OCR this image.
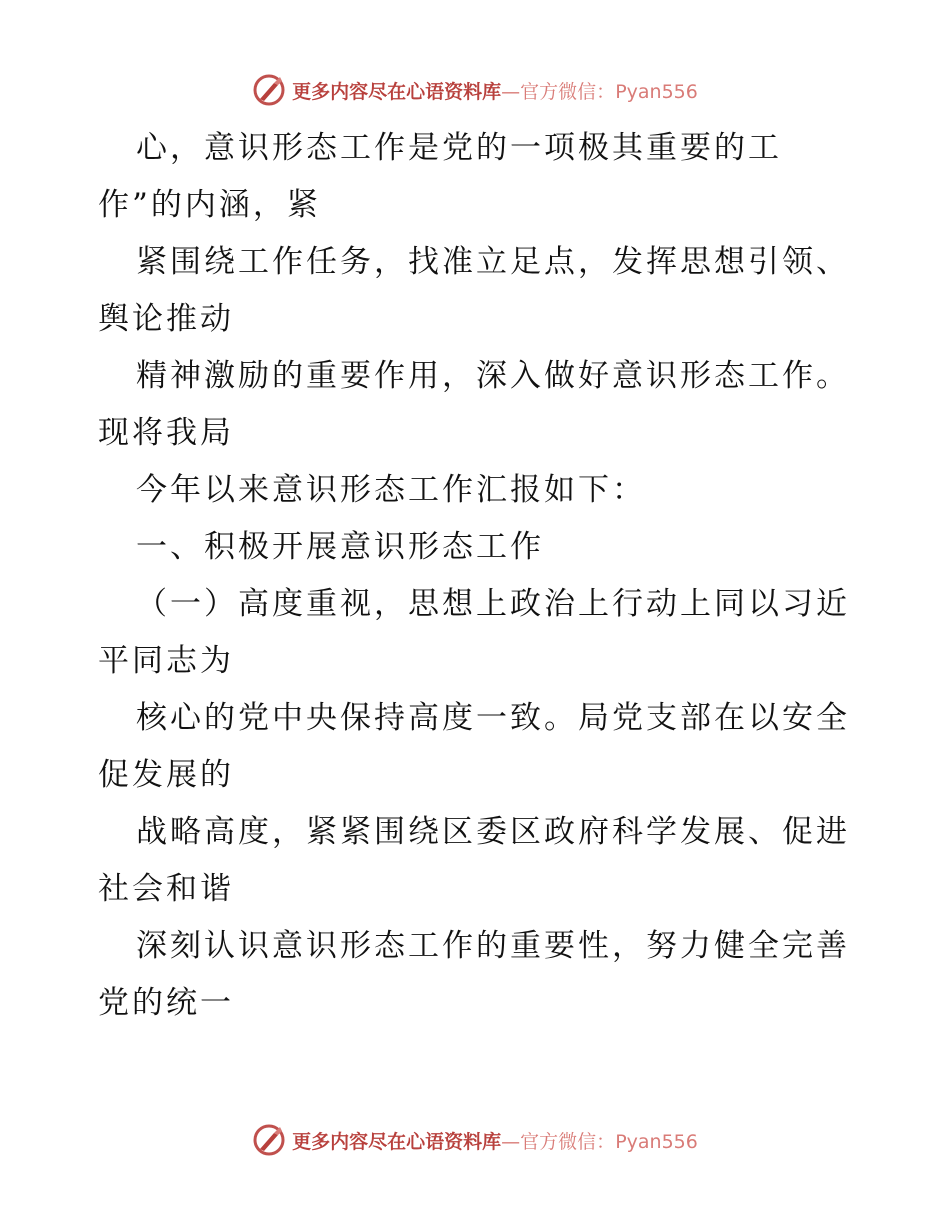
更多内容尽在心语资料库—官方微信：Pyan556
心，意识形态工作是党的一项极其重要的工
作”的内涵，紧
紧围绕工作任务，找准立足点，发挥思想引领、
舆论推动
精神激励的重要作用，深入做好意识形态工作。
现将我局
今年以来意识形态工作汇报如下：
一、积极开展意识形态工作
（一）高度重视，思想上政治上行动上同以习近
平同志为
核心的党中央保持高度一致。局党支部在以安全
促发展的
战略高度，紧紧围绕区委区政府科学发展、促进
社会和谐
深刻认识意识形态工作的重要性，努力健全完善
党的统一
更多内容尽在心语资料库—官方微信：Pyan556
